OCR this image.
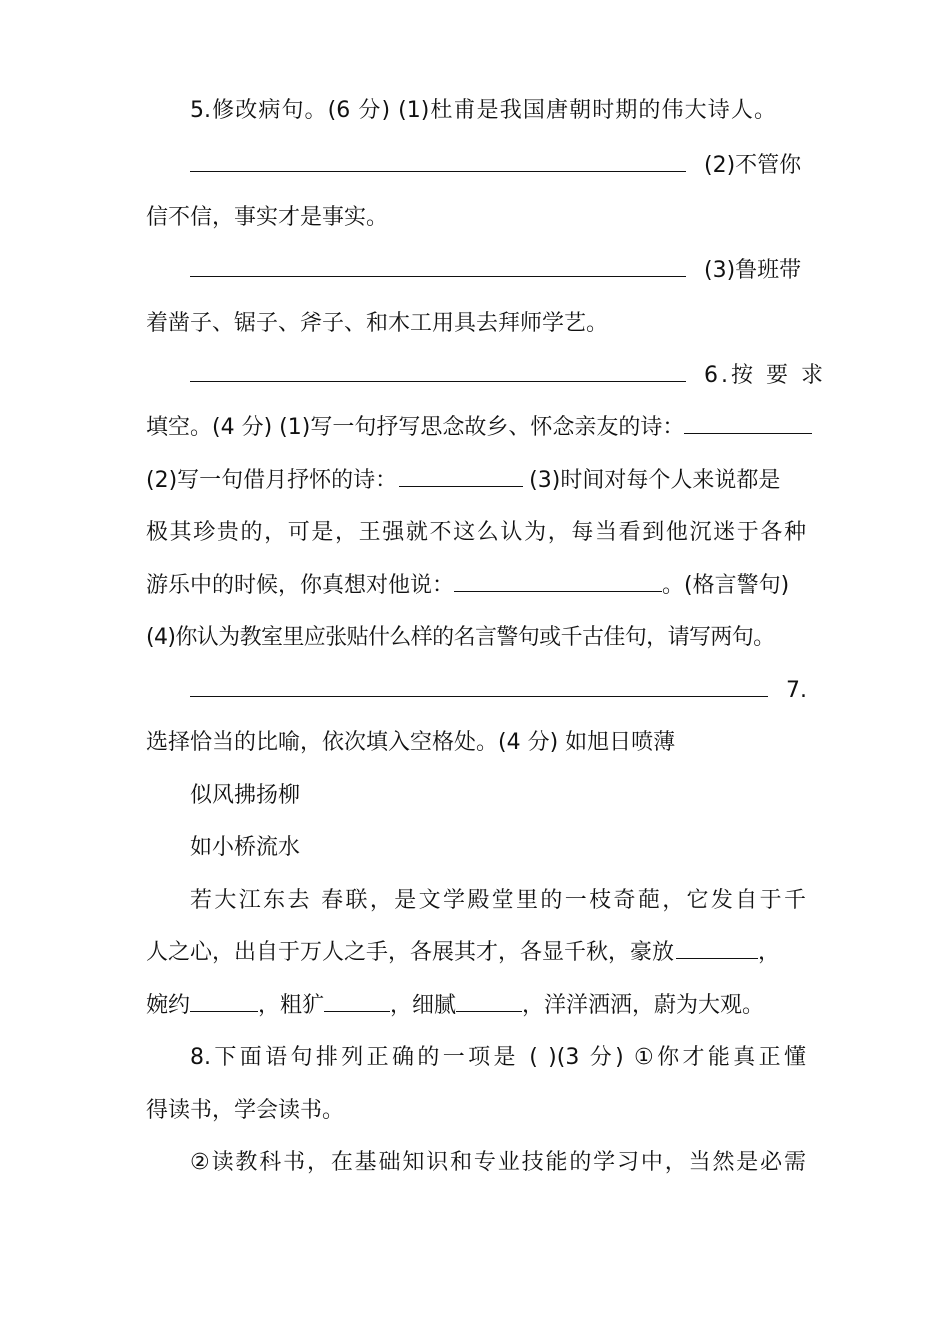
5.修改病句。(6 分) (1)杜甫是我国唐朝时期的伟大诗人。
(2)不管你
信不信，事实才是事实。
(3)鲁班带
着凿子、锯子、斧子、和木工用具去拜师学艺。
6.按 要 求
填空。(4 分) (1)写一句抒写思念故乡、怀念亲友的诗：
(2)写一句借月抒怀的诗：	(3)时间对每个人来说都是
极其珍贵的，可是，王强就不这么认为，每当看到他沉迷于各种
游乐中的时候，你真想对他说：	。(格言警句)
(4)你认为教室里应张贴什么样的名言警句或千古佳句，请写两句。
7.
选择恰当的比喻，依次填入空格处。(4 分) 如旭日喷薄
似风拂扬柳
如小桥流水
若大江东去 春联，是文学殿堂里的一枝奇葩，它发自于千
人之心，出自于万人之手，各展其才，各显千秋，豪放	，
婉约	，粗犷	，细腻	，洋洋洒洒，蔚为大观。
8.下面语句排列正确的一项是 ( )(3 分) ①你才能真正懂
得读书，学会读书。
②读教科书，在基础知识和专业技能的学习中，当然是必需
